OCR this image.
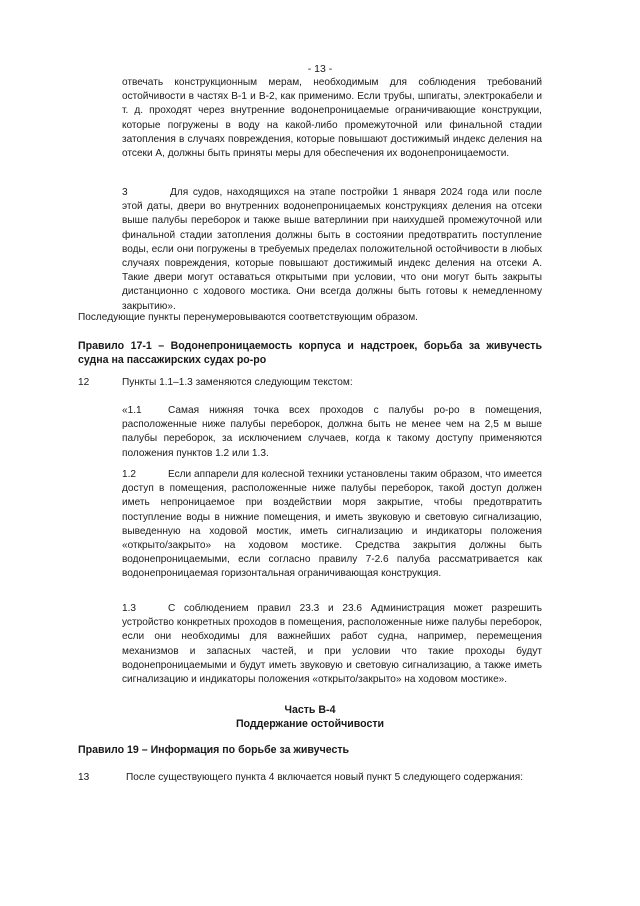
- 13 -
отвечать конструкционным мерам, необходимым для соблюдения требований остойчивости в частях В-1 и В-2, как применимо. Если трубы, шпигаты, электрокабели и т. д. проходят через внутренние водонепроницаемые ограничивающие конструкции, которые погружены в воду на какой-либо промежуточной или финальной стадии затопления в случаях повреждения, которые повышают достижимый индекс деления на отсеки A, должны быть приняты меры для обеспечения их водонепроницаемости.
3	Для судов, находящихся на этапе постройки 1 января 2024 года или после этой даты, двери во внутренних водонепроницаемых конструкциях деления на отсеки выше палубы переборок и также выше ватерлинии при наихудшей промежуточной или финальной стадии затопления должны быть в состоянии предотвратить поступление воды, если они погружены в требуемых пределах положительной остойчивости в любых случаях повреждения, которые повышают достижимый индекс деления на отсеки A. Такие двери могут оставаться открытыми при условии, что они могут быть закрыты дистанционно с ходового мостика. Они всегда должны быть готовы к немедленному закрытию».
Последующие пункты перенумеровываются соответствующим образом.
Правило 17-1 – Водонепроницаемость корпуса и надстроек, борьба за живучесть судна на пассажирских судах ро-ро
12	Пункты 1.1–1.3 заменяются следующим текстом:
«1.1	Самая нижняя точка всех проходов с палубы ро-ро в помещения, расположенные ниже палубы переборок, должна быть не менее чем на 2,5 м выше палубы переборок, за исключением случаев, когда к такому доступу применяются положения пунктов 1.2 или 1.3.
1.2	Если аппарели для колесной техники установлены таким образом, что имеется доступ в помещения, расположенные ниже палубы переборок, такой доступ должен иметь непроницаемое при воздействии моря закрытие, чтобы предотвратить поступление воды в нижние помещения, и иметь звуковую и световую сигнализацию, выведенную на ходовой мостик, иметь сигнализацию и индикаторы положения «открыто/закрыто» на ходовом мостике. Средства закрытия должны быть водонепроницаемыми, если согласно правилу 7-2.6 палуба рассматривается как водонепроницаемая горизонтальная ограничивающая конструкция.
1.3	С соблюдением правил 23.3 и 23.6 Администрация может разрешить устройство конкретных проходов в помещения, расположенные ниже палубы переборок, если они необходимы для важнейших работ судна, например, перемещения механизмов и запасных частей, и при условии что такие проходы будут водонепроницаемыми и будут иметь звуковую и световую сигнализацию, а также иметь сигнализацию и индикаторы положения «открыто/закрыто» на ходовом мостике».
Часть В-4
Поддержание остойчивости
Правило 19 – Информация по борьбе за живучесть
13	После существующего пункта 4 включается новый пункт 5 следующего содержания:
